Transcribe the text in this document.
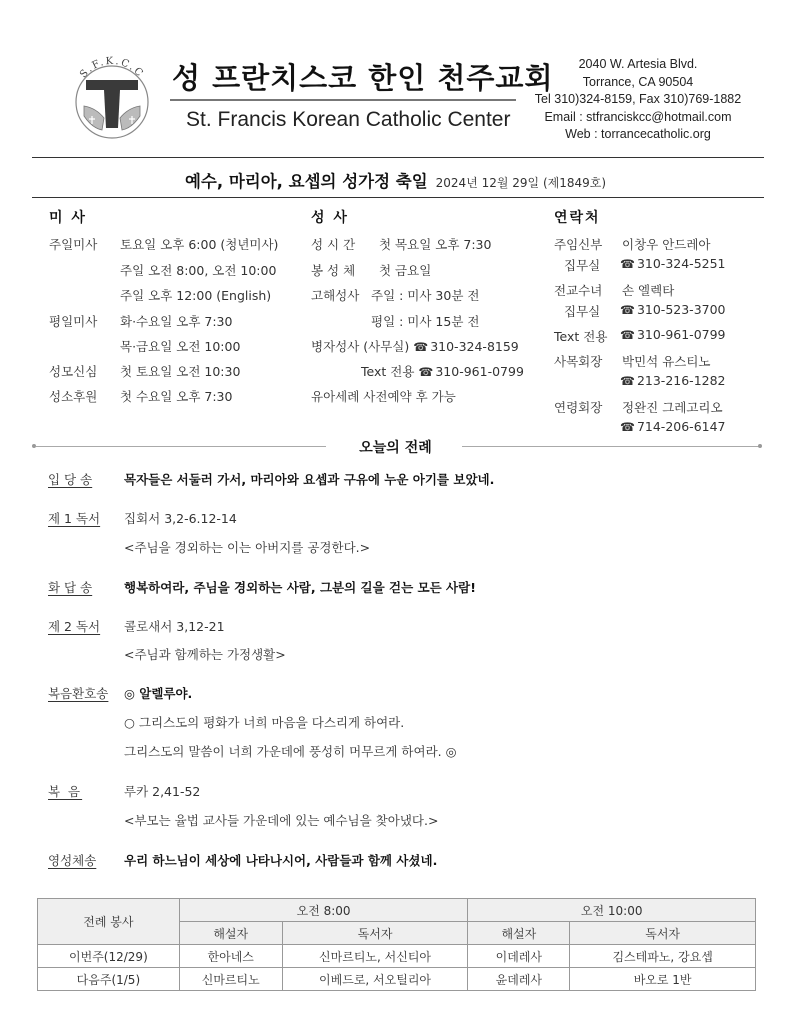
S.F.K.C.C 성 프란치스코 한인 천주교회
St. Francis Korean Catholic Center
2040 W. Artesia Blvd.
Torrance, CA 90504
Tel 310)324-8159, Fax 310)769-1882
Email : stfranciskcc@hotmail.com
Web : torrancecatholic.org
예수, 마리아, 요셉의 성가정 축일 2024년 12월 29일 (제1849호)
미 사	성 사	연락처
주일미사 토요일 오후 6:00 (청년미사)
주일 오전 8:00, 오전 10:00
주일 오후 12:00 (English)
평일미사 화·수요일 오후 7:30
목·금요일 오전 10:00
성모신심 첫 토요일 오전 10:30
성소후원 첫 수요일 오후 7:30
성 시 간 첫 목요일 오후 7:30
봉 성 체 첫 금요일
고해성사 주일 : 미사 30분 전
평일 : 미사 15분 전
병자성사 (사무실) ☎ 310-324-8159
Text 전용 ☎ 310-961-0799
유아세례 사전예약 후 가능
주임신부 이창우 안드레아
집무실 ☎ 310-324-5251
전교수녀 손 엘렉타
집무실 ☎ 310-523-3700
Text 전용 ☎ 310-961-0799
사목회장 박민석 유스티노
☎ 213-216-1282
연령회장 정완진 그레고리오
☎ 714-206-6147
오늘의 전례
입 당 송	목자들은 서둘러 가서, 마리아와 요셉과 구유에 누운 아기를 보았네.
제 1 독서 집회서 3,2-6.12-14
<주님을 경외하는 이는 아버지를 공경한다.>
화 답 송	행복하여라, 주님을 경외하는 사람, 그분의 길을 걷는 모든 사람!
제 2 독서 콜로새서 3,12-21
<주님과 함께하는 가정생활>
복음환호송 ◎ 알렐루야.
○ 그리스도의 평화가 너희 마음을 다스리게 하여라.
그리스도의 말씀이 너희 가운데에 풍성히 머무르게 하여라. ◎
복 음	루카 2,41-52
<부모는 율법 교사들 가운데에 있는 예수님을 찾아냈다.>
영성체송 우리 하느님이 세상에 나타나시어, 사람들과 함께 사셨네.
전례 봉사	오전 8:00		오전 10:00	
	해설자	독서자	해설자	독서자
이번주(12/29)	한아네스	신마르티노, 서신티아	이데레사	김스테파노, 강요셉
다음주(1/5)	신마르티노	이베드로, 서오틸리아	윤데레사	바오로 1반
